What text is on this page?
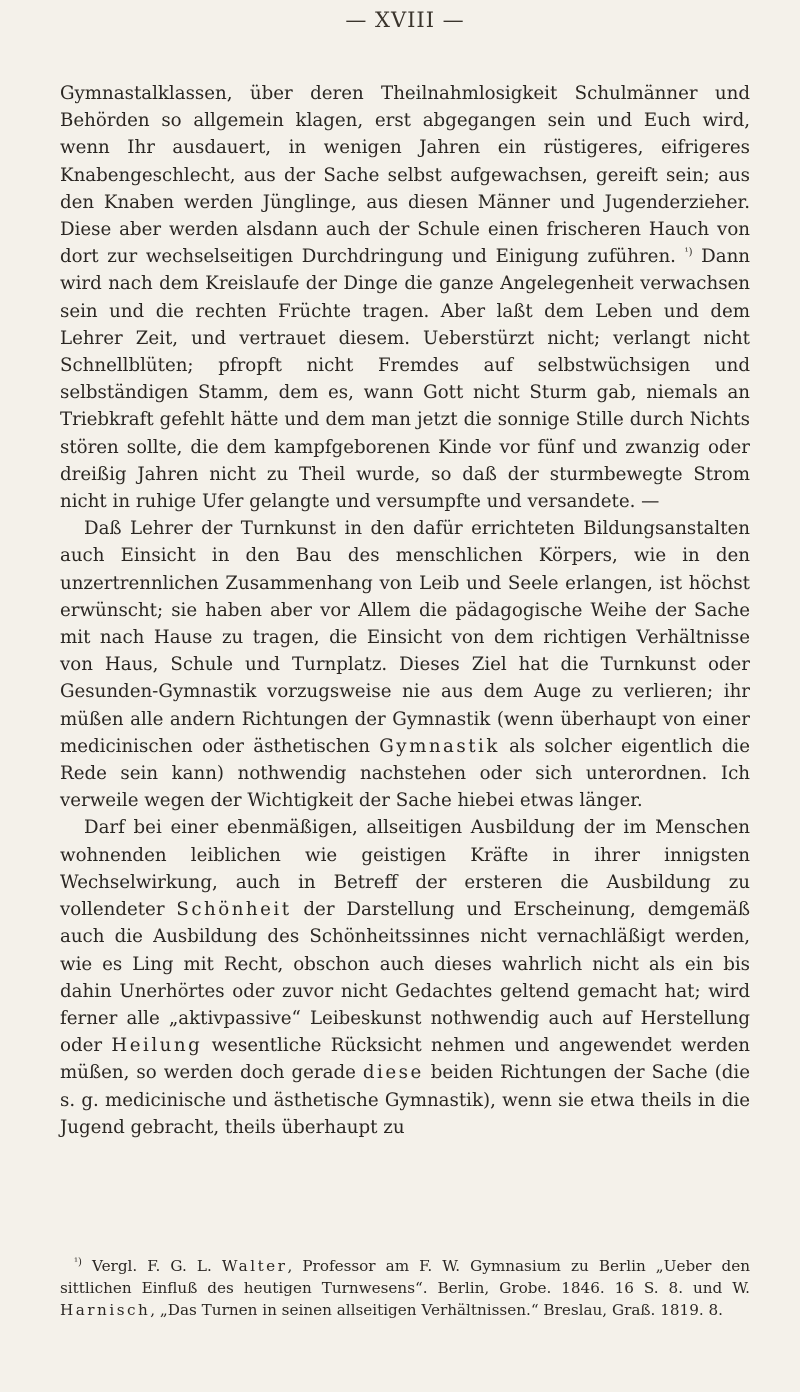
— XVIII —

Gymnastalklassen, über deren Theilnahmlosigkeit Schulmänner und Behörden so allgemein klagen, erst abgegangen sein und Euch wird, wenn Ihr ausdauert, in wenigen Jahren ein rüstigeres, eifrigeres Knabengeschlecht, aus der Sache selbst aufgewachsen, gereift sein; aus den Knaben werden Jünglinge, aus diesen Männer und Jugenderzieher. Diese aber werden alsdann auch der Schule einen frischeren Hauch von dort zur wechselseitigen Durchdringung und Einigung zuführen. $^{^1)}$ Dann wird nach dem Kreislaufe der Dinge die ganze Angelegenheit verwachsen sein und die rechten Früchte tragen. Aber laßt dem Leben und dem Lehrer Zeit, und vertrauet diesem. Ueberstürzt nicht; verlangt nicht Schnellblüten; pfropft nicht Fremdes auf selbstwüchsigen und selbständigen Stamm, dem es, wann Gott nicht Sturm gab, niemals an Triebkraft gefehlt hätte und dem man jetzt die sonnige Stille durch Nichts stören sollte, die dem kampfgeborenen Kinde vor fünf und zwanzig oder dreißig Jahren nicht zu Theil wurde, so daß der sturmbewegte Strom nicht in ruhige Ufer gelangte und versumpfte und versandete. —

Daß Lehrer der Turnkunst in den dafür errichteten Bildungsanstalten auch Einsicht in den Bau des menschlichen Körpers, wie in den unzertrennlichen Zusammenhang von Leib und Seele erlangen, ist höchst erwünscht; sie haben aber vor Allem die pädagogische Weihe der Sache mit nach Hause zu tragen, die Einsicht von dem richtigen Verhältnisse von Haus, Schule und Turnplatz. Dieses Ziel hat die Turnkunst oder Gesunden-Gymnastik vorzugsweise nie aus dem Auge zu verlieren; ihr müßen alle andern Richtungen der Gymnastik (wenn überhaupt von einer medicinischen oder ästhetischen Gymnastik als solcher eigentlich die Rede sein kann) nothwendig nachstehen oder sich unterordnen. Ich verweile wegen der Wichtigkeit der Sache hiebei etwas länger.

Darf bei einer ebenmäßigen, allseitigen Ausbildung der im Menschen wohnenden leiblichen wie geistigen Kräfte in ihrer innigsten Wechselwirkung, auch in Betreff der ersteren die Ausbildung zu vollendeter Schönheit der Darstellung und Erscheinung, demgemäß auch die Ausbildung des Schönheitssinnes nicht vernachläßigt werden, wie es Ling mit Recht, obschon auch dieses wahrlich nicht als ein bis dahin Unerhörtes oder zuvor nicht Gedachtes geltend gemacht hat; wird ferner alle „aktivpassive“ Leibeskunst nothwendig auch auf Herstellung oder Heilung wesentliche Rücksicht nehmen und angewendet werden müßen, so werden doch gerade diese beiden Richtungen der Sache (die s. g. medicinische und ästhetische Gymnastik), wenn sie etwa theils in die Jugend gebracht, theils überhaupt zu

$^{^1)}$ Vergl. F. G. L. Walter, Professor am F. W. Gymnasium zu Berlin „Ueber den sittlichen Einfluß des heutigen Turnwesens“. Berlin, Grobe. 1846. 16 S. 8. und W. Harnisch, „Das Turnen in seinen allseitigen Verhältnissen.“ Breslau, Graß. 1819. 8.
